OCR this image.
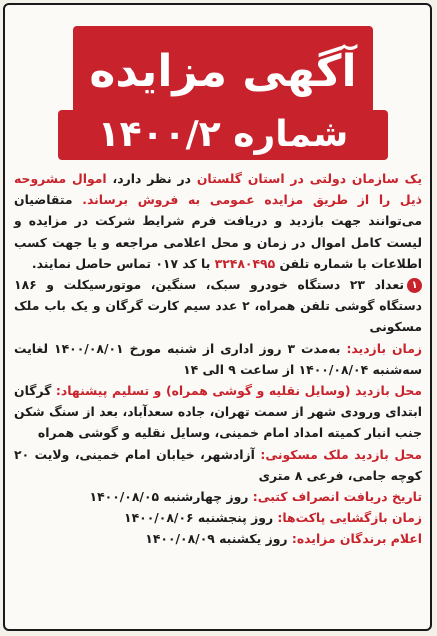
آگهی مزایده
شماره ۱۴۰۰/۲

یک سازمان دولتی در استان گلستان در نظر دارد، اموال مشروحه ذیل را از طریق مزایده عمومی به فروش برساند. متقاضیان می‌توانند جهت بازدید و دریافت فرم شرایط شرکت در مزایده و لیست کامل اموال در زمان و محل اعلامی مراجعه و یا جهت کسب اطلاعات با شماره تلفن ۳۲۴۸۰۴۹۵ با کد ۰۱۷ تماس حاصل نمایند.

۱تعداد ۲۳ دستگاه خودرو سبک، سنگین، موتورسیکلت و ۱۸۶ دستگاه گوشی تلفن همراه، ۲ عدد سیم کارت گرگان و یک باب ملک مسکونی

زمان بازدید: به‌مدت ۳ روز اداری از شنبه مورخ ۱۴۰۰/۰۸/۰۱ لغایت سه‌شنبه ۱۴۰۰/۰۸/۰۴ از ساعت ۹ الی ۱۴

محل بازدید (وسایل نقلیه و گوشی همراه) و تسلیم پیشنهاد: گرگان ابتدای ورودی شهر از سمت تهران، جاده سعدآباد، بعد از سنگ شکن جنب انبار کمیته امداد امام خمینی، وسایل نقلیه و گوشی همراه

محل بازدید ملک مسکونی: آزادشهر، خیابان امام خمینی، ولایت ۲۰ کوچه جامی، فرعی ۸ متری

تاریخ دریافت انصراف کتبی: روز چهارشنبه ۱۴۰۰/۰۸/۰۵

زمان بازگشایی پاکت‌ها: روز پنجشنبه ۱۴۰۰/۰۸/۰۶

اعلام برندگان مزایده: روز یکشنبه ۱۴۰۰/۰۸/۰۹
